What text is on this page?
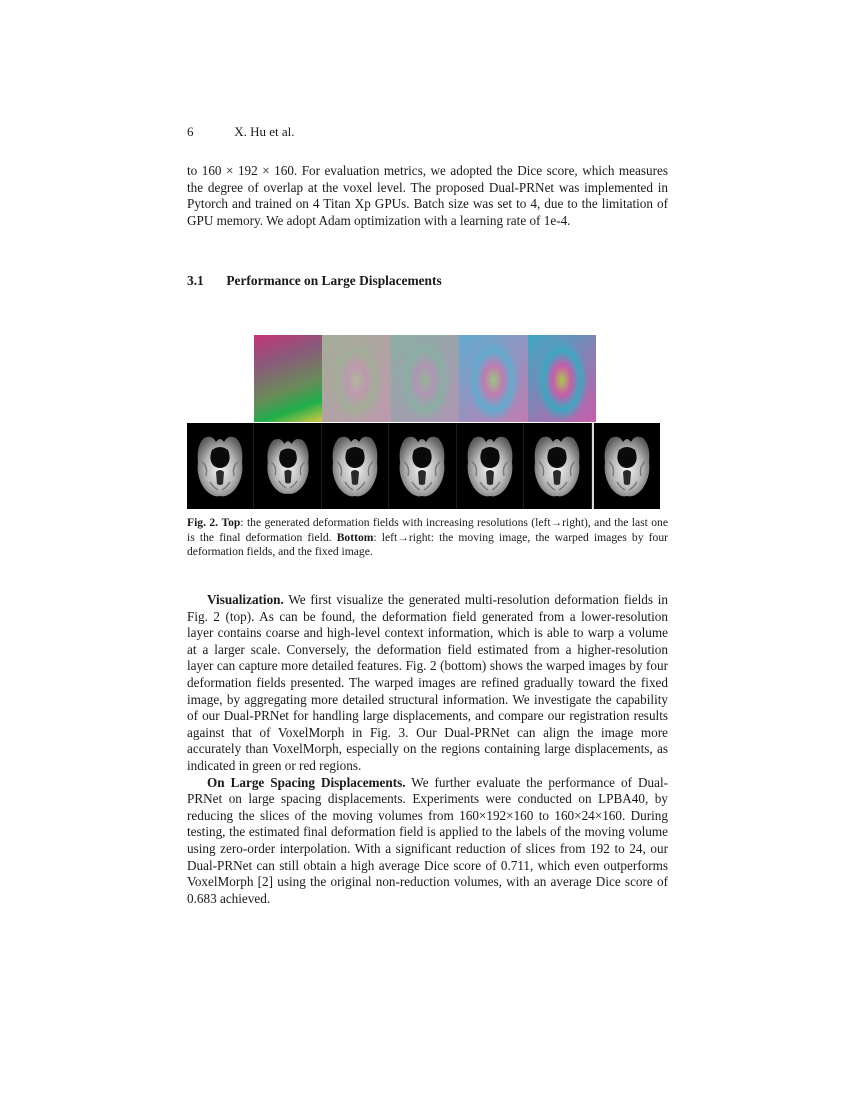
6	X. Hu et al.

to 160 × 192 × 160. For evaluation metrics, we adopted the Dice score, which measures the degree of overlap at the voxel level. The proposed Dual-PRNet was implemented in Pytorch and trained on 4 Titan Xp GPUs. Batch size was set to 4, due to the limitation of GPU memory. We adopt Adam optimization with a learning rate of 1e-4.

3.1 Performance on Large Displacements
Fig. 2. Top: the generated deformation fields with increasing resolutions (left→right), and the last one is the final deformation field. Bottom: left→right: the moving image, the warped images by four deformation fields, and the fixed image.

Visualization. We first visualize the generated multi-resolution deformation fields in Fig. 2 (top). As can be found, the deformation field generated from a lower-resolution layer contains coarse and high-level context information, which is able to warp a volume at a larger scale. Conversely, the deformation field estimated from a higher-resolution layer can capture more detailed features. Fig. 2 (bottom) shows the warped images by four deformation fields presented. The warped images are refined gradually toward the fixed image, by aggregating more detailed structural information. We investigate the capability of our Dual-PRNet for handling large displacements, and compare our registration results against that of VoxelMorph in Fig. 3. Our Dual-PRNet can align the image more accurately than VoxelMorph, especially on the regions containing large displacements, as indicated in green or red regions.

On Large Spacing Displacements. We further evaluate the performance of Dual-PRNet on large spacing displacements. Experiments were conducted on LPBA40, by reducing the slices of the moving volumes from 160×192×160 to 160×24×160. During testing, the estimated final deformation field is applied to the labels of the moving volume using zero-order interpolation. With a significant reduction of slices from 192 to 24, our Dual-PRNet can still obtain a high average Dice score of 0.711, which even outperforms VoxelMorph [2] using the original non-reduction volumes, with an average Dice score of 0.683 achieved.
